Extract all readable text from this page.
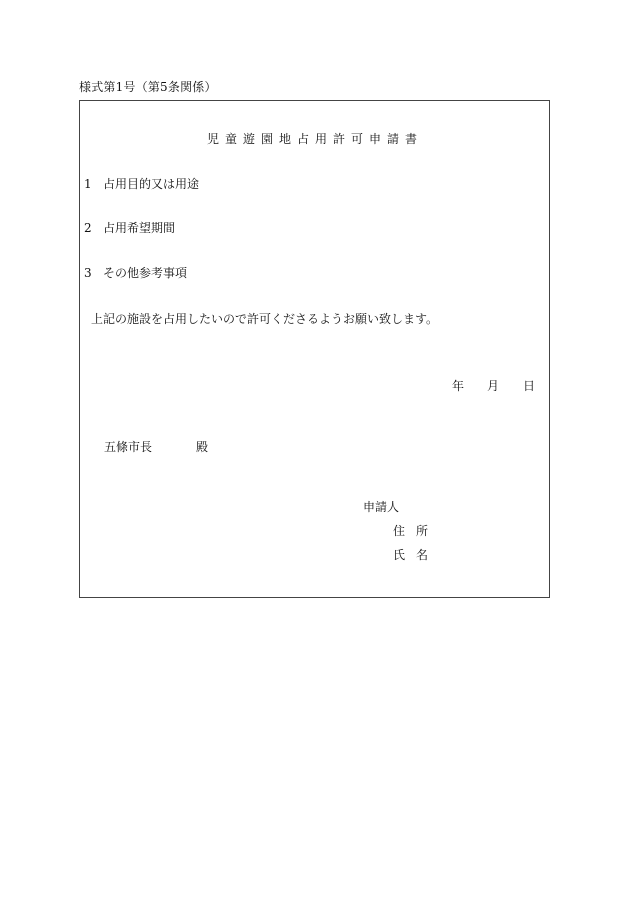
様式第1号（第5条関係）
児童遊園地占用許可申請書
1 占用目的又は用途
2 占用希望期間
3 その他参考事項
上記の施設を占用したいので許可くださるようお願い致します。
年 月 日
五條市長	殿
申請人
住所
氏名
